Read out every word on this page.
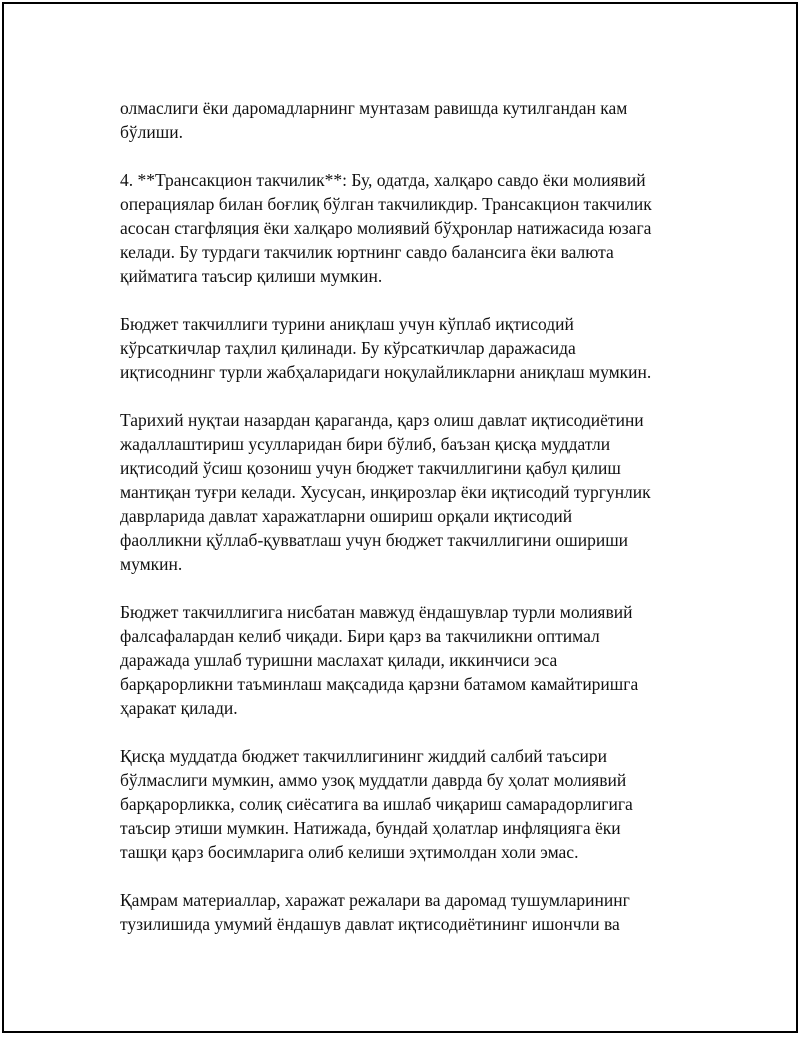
олмаслиги ёки даромадларнинг мунтазам равишда кутилгандан кам
бўлиши.

4. **Трансакцион такчилик**: Бу, одатда, халқаро савдо ёки молиявий
операциялар билан боғлиқ бўлган такчиликдир. Трансакцион такчилик
асосан стагфляция ёки халқаро молиявий бўҳронлар натижасида юзага
келади. Бу турдаги такчилик юртнинг савдо балансига ёки валюта
қийматига таъсир қилиши мумкин.

Бюджет такчиллиги турини аниқлаш учун кўплаб иқтисодий
кўрсаткичлар таҳлил қилинади. Бу кўрсаткичлар даражасида
иқтисоднинг турли жабҳаларидаги ноқулайликларни аниқлаш мумкин.

Тарихий нуқтаи назардан қараганда, қарз олиш давлат иқтисодиётини
жадаллаштириш усулларидан бири бўлиб, баъзан қисқа муддатли
иқтисодий ўсиш қозониш учун бюджет такчиллигини қабул қилиш
мантиқан туғри келади. Хусусан, инқирозлар ёки иқтисодий тургунлик
даврларида давлат харажатларни ошириш орқали иқтисодий
фаолликни қўллаб-қувватлаш учун бюджет такчиллигини ошириши
мумкин.

Бюджет такчиллигига нисбатан мавжуд ёндашувлар турли молиявий
фалсафалардан келиб чиқади. Бири қарз ва такчиликни оптимал
даражада ушлаб туришни маслахат қилади, иккинчиси эса
барқарорликни таъминлаш мақсадида қарзни батамом камайтиришга
ҳаракат қилади.

Қисқа муддатда бюджет такчиллигининг жиддий салбий таъсири
бўлмаслиги мумкин, аммо узоқ муддатли даврда бу ҳолат молиявий
барқарорликка, солиқ сиёсатига ва ишлаб чиқариш самарадорлигига
таъсир этиши мумкин. Натижада, бундай ҳолатлар инфляцияга ёки
ташқи қарз босимларига олиб келиши эҳтимолдан холи эмас.

Қамрам материаллар, харажат режалари ва даромад тушумларининг
тузилишида умумий ёндашув давлат иқтисодиётининг ишончли ва
